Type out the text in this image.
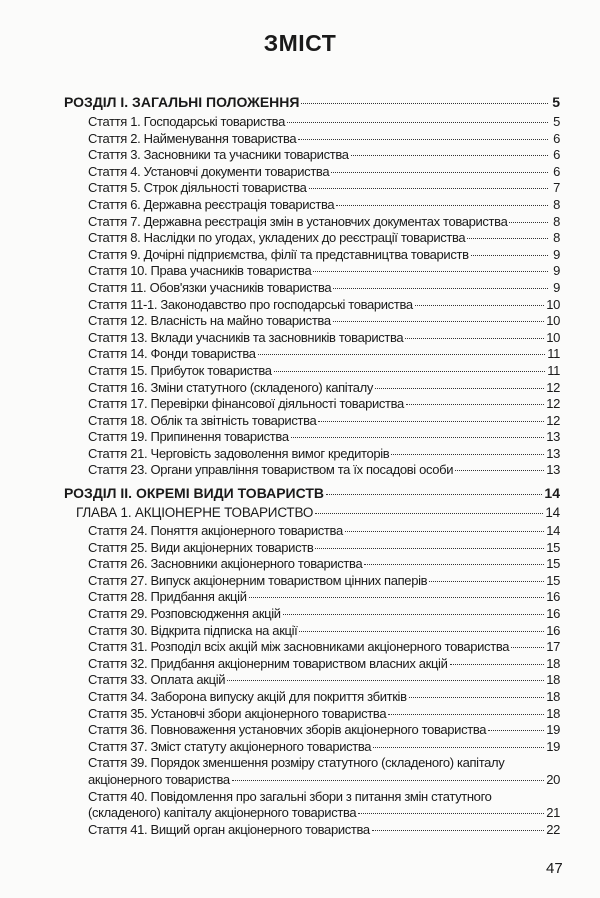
ЗМІСТ
РОЗДІЛ І. ЗАГАЛЬНІ ПОЛОЖЕННЯ	5
Стаття 1. Господарські товариства	5
Стаття 2. Найменування товариства	6
Стаття 3. Засновники та учасники товариства	6
Стаття 4. Установчі документи товариства	6
Стаття 5. Строк діяльності товариства	7
Стаття 6. Державна реєстрація товариства	8
Стаття 7. Державна реєстрація змін в установчих документах товариства	8
Стаття 8. Наслідки по угодах, укладених до реєстрації товариства	8
Стаття 9. Дочірні підприємства, філії та представництва товариств	9
Стаття 10. Права учасників товариства	9
Стаття 11. Обов'язки учасників товариства	9
Стаття 11-1. Законодавство про господарські товариства	10
Стаття 12. Власність на майно товариства	10
Стаття 13. Вклади учасників та засновників товариства	10
Стаття 14. Фонди товариства	11
Стаття 15. Прибуток товариства	11
Стаття 16. Зміни статутного (складеного) капіталу	12
Стаття 17. Перевірки фінансової діяльності товариства	12
Стаття 18. Облік та звітність товариства	12
Стаття 19. Припинення товариства	13
Стаття 21. Черговість задоволення вимог кредиторів	13
Стаття 23. Органи управління товариством та їх посадові особи	13
РОЗДІЛ ІІ. ОКРЕМІ ВИДИ ТОВАРИСТВ	14
ГЛАВА 1. АКЦІОНЕРНЕ ТОВАРИСТВО	14
Стаття 24. Поняття акціонерного товариства	14
Стаття 25. Види акціонерних товариств	15
Стаття 26. Засновники акціонерного товариства	15
Стаття 27. Випуск акціонерним товариством цінних паперів	15
Стаття 28. Придбання акцій	16
Стаття 29. Розповсюдження акцій	16
Стаття 30. Відкрита підписка на акції	16
Стаття 31. Розподіл всіх акцій між засновниками акціонерного товариства	17
Стаття 32. Придбання акціонерним товариством власних акцій	18
Стаття 33. Оплата акцій	18
Стаття 34. Заборона випуску акцій для покриття збитків	18
Стаття 35. Установчі збори акціонерного товариства	18
Стаття 36. Повноваження установчих зборів акціонерного товариства	19
Стаття 37. Зміст статуту акціонерного товариства	19
Стаття 39. Порядок зменшення розміру статутного (складеного) капіталу
акціонерного товариства	20
Стаття 40. Повідомлення про загальні збори з питання змін статутного
(складеного) капіталу акціонерного товариства	21
Стаття 41. Вищий орган акціонерного товариства	22
47
